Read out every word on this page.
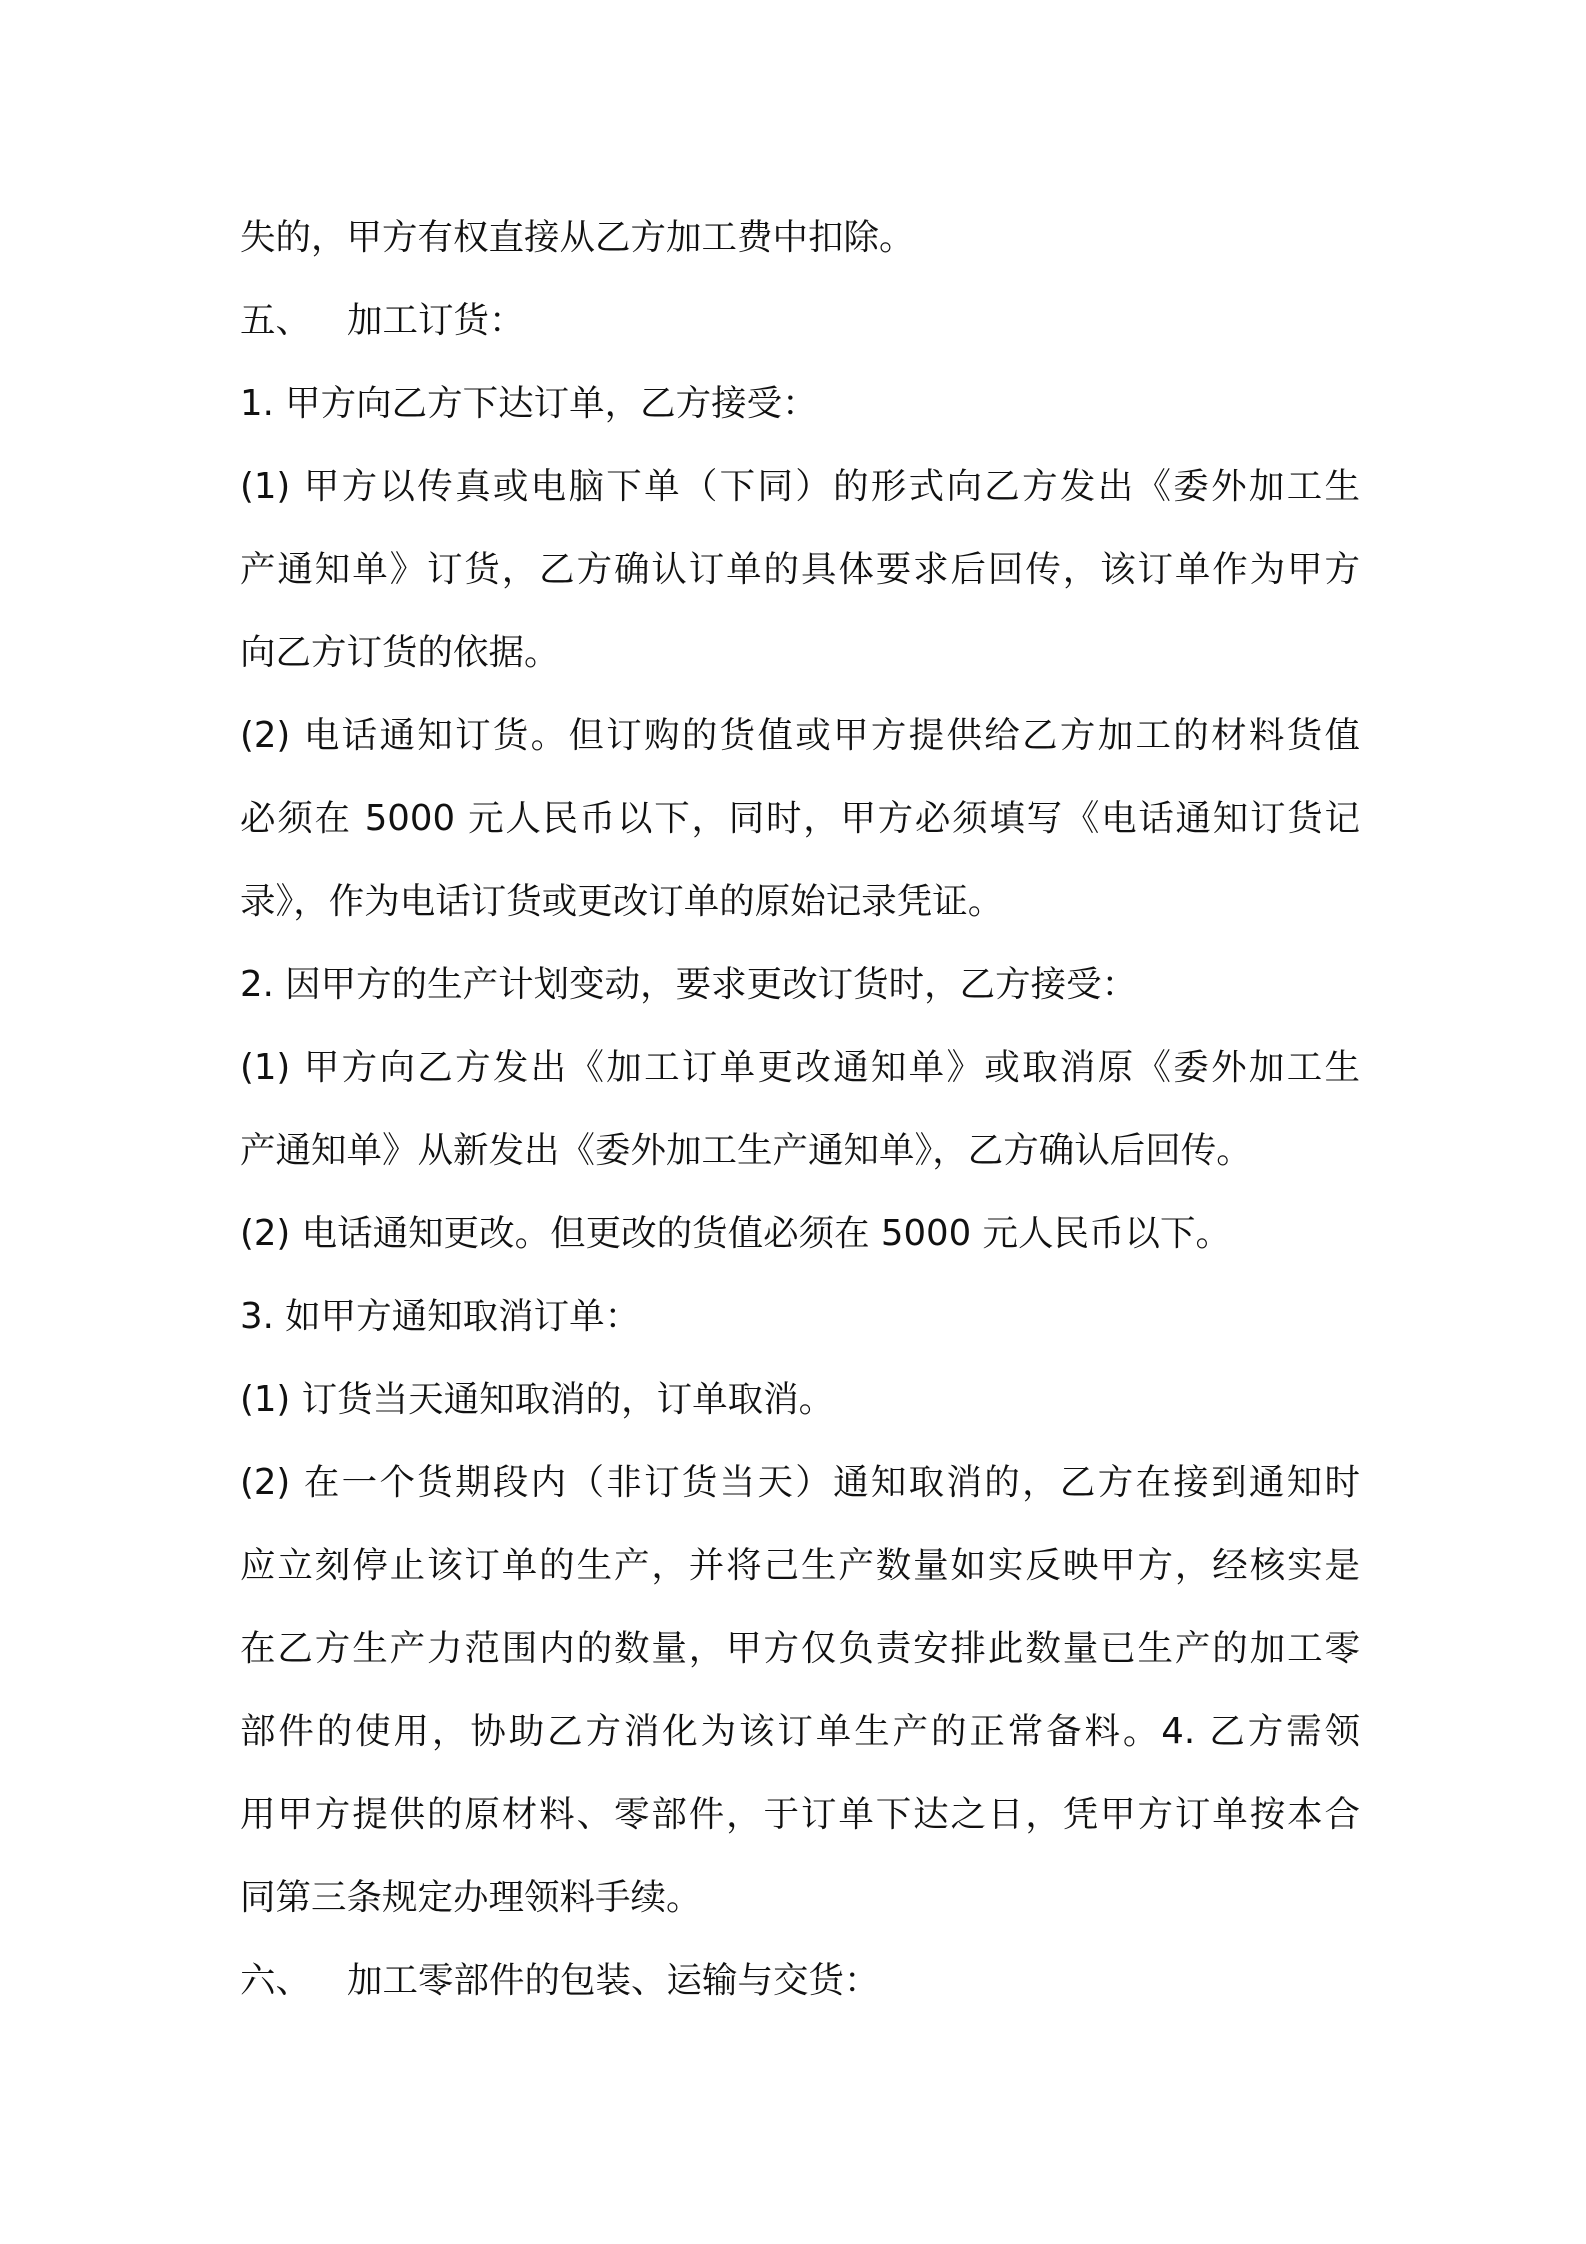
失的，甲方有权直接从乙方加工费中扣除。
五、 加工订货：
1. 甲方向乙方下达订单，乙方接受：
(1) 甲方以传真或电脑下单（下同）的形式向乙方发出《委外加工生
产通知单》订货，乙方确认订单的具体要求后回传，该订单作为甲方
向乙方订货的依据。
(2) 电话通知订货。但订购的货值或甲方提供给乙方加工的材料货值
必须在 5000 元人民币以下，同时，甲方必须填写《电话通知订货记
录》，作为电话订货或更改订单的原始记录凭证。
2. 因甲方的生产计划变动，要求更改订货时，乙方接受：
(1) 甲方向乙方发出《加工订单更改通知单》或取消原《委外加工生
产通知单》从新发出《委外加工生产通知单》，乙方确认后回传。
(2) 电话通知更改。但更改的货值必须在 5000 元人民币以下。
3. 如甲方通知取消订单：
(1) 订货当天通知取消的，订单取消。
(2) 在一个货期段内（非订货当天）通知取消的，乙方在接到通知时
应立刻停止该订单的生产，并将己生产数量如实反映甲方，经核实是
在乙方生产力范围内的数量，甲方仅负责安排此数量已生产的加工零
部件的使用，协助乙方消化为该订单生产的正常备料。4. 乙方需领
用甲方提供的原材料、零部件，于订单下达之日，凭甲方订单按本合
同第三条规定办理领料手续。
六、 加工零部件的包装、运输与交货：
